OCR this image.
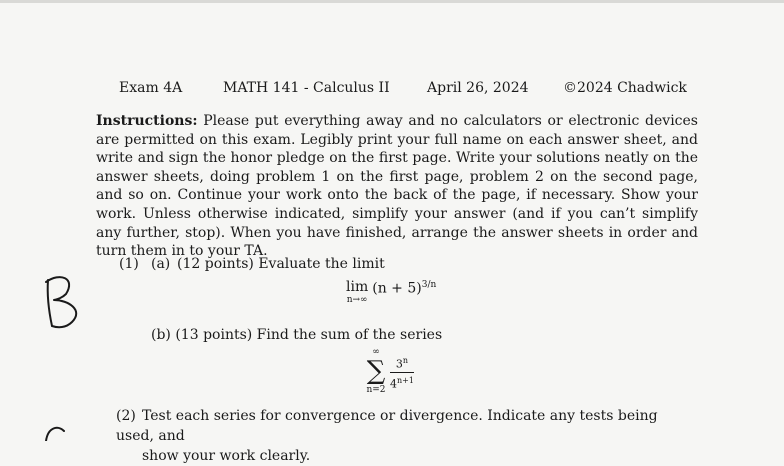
Exam 4A	MATH 141 - Calculus II	April 26, 2024 ©2024 Chadwick
Instructions: Please put everything away and no calculators or electronic devices are permitted on this exam. Legibly print your full name on each answer sheet, and write and sign the honor pledge on the first page. Write your solutions neatly on the answer sheets, doing problem 1 on the first page, problem 2 on the second page, and so on. Continue your work onto the back of the page, if necessary. Show your work. Unless otherwise indicated, simplify your answer (and if you can’t simplify any further, stop). When you have finished, arrange the answer sheets in order and turn them in to your TA.
(1) (a) (12 points) Evaluate the limit
lim
n→∞
$(n + 5)^{3/n}$
(b) (13 points) Find the sum of the series
∞
∑
$n=2 \frac{3^n}{4^{n+1}}$
(2) Test each series for convergence or divergence. Indicate any tests being used, and
show your work clearly.
